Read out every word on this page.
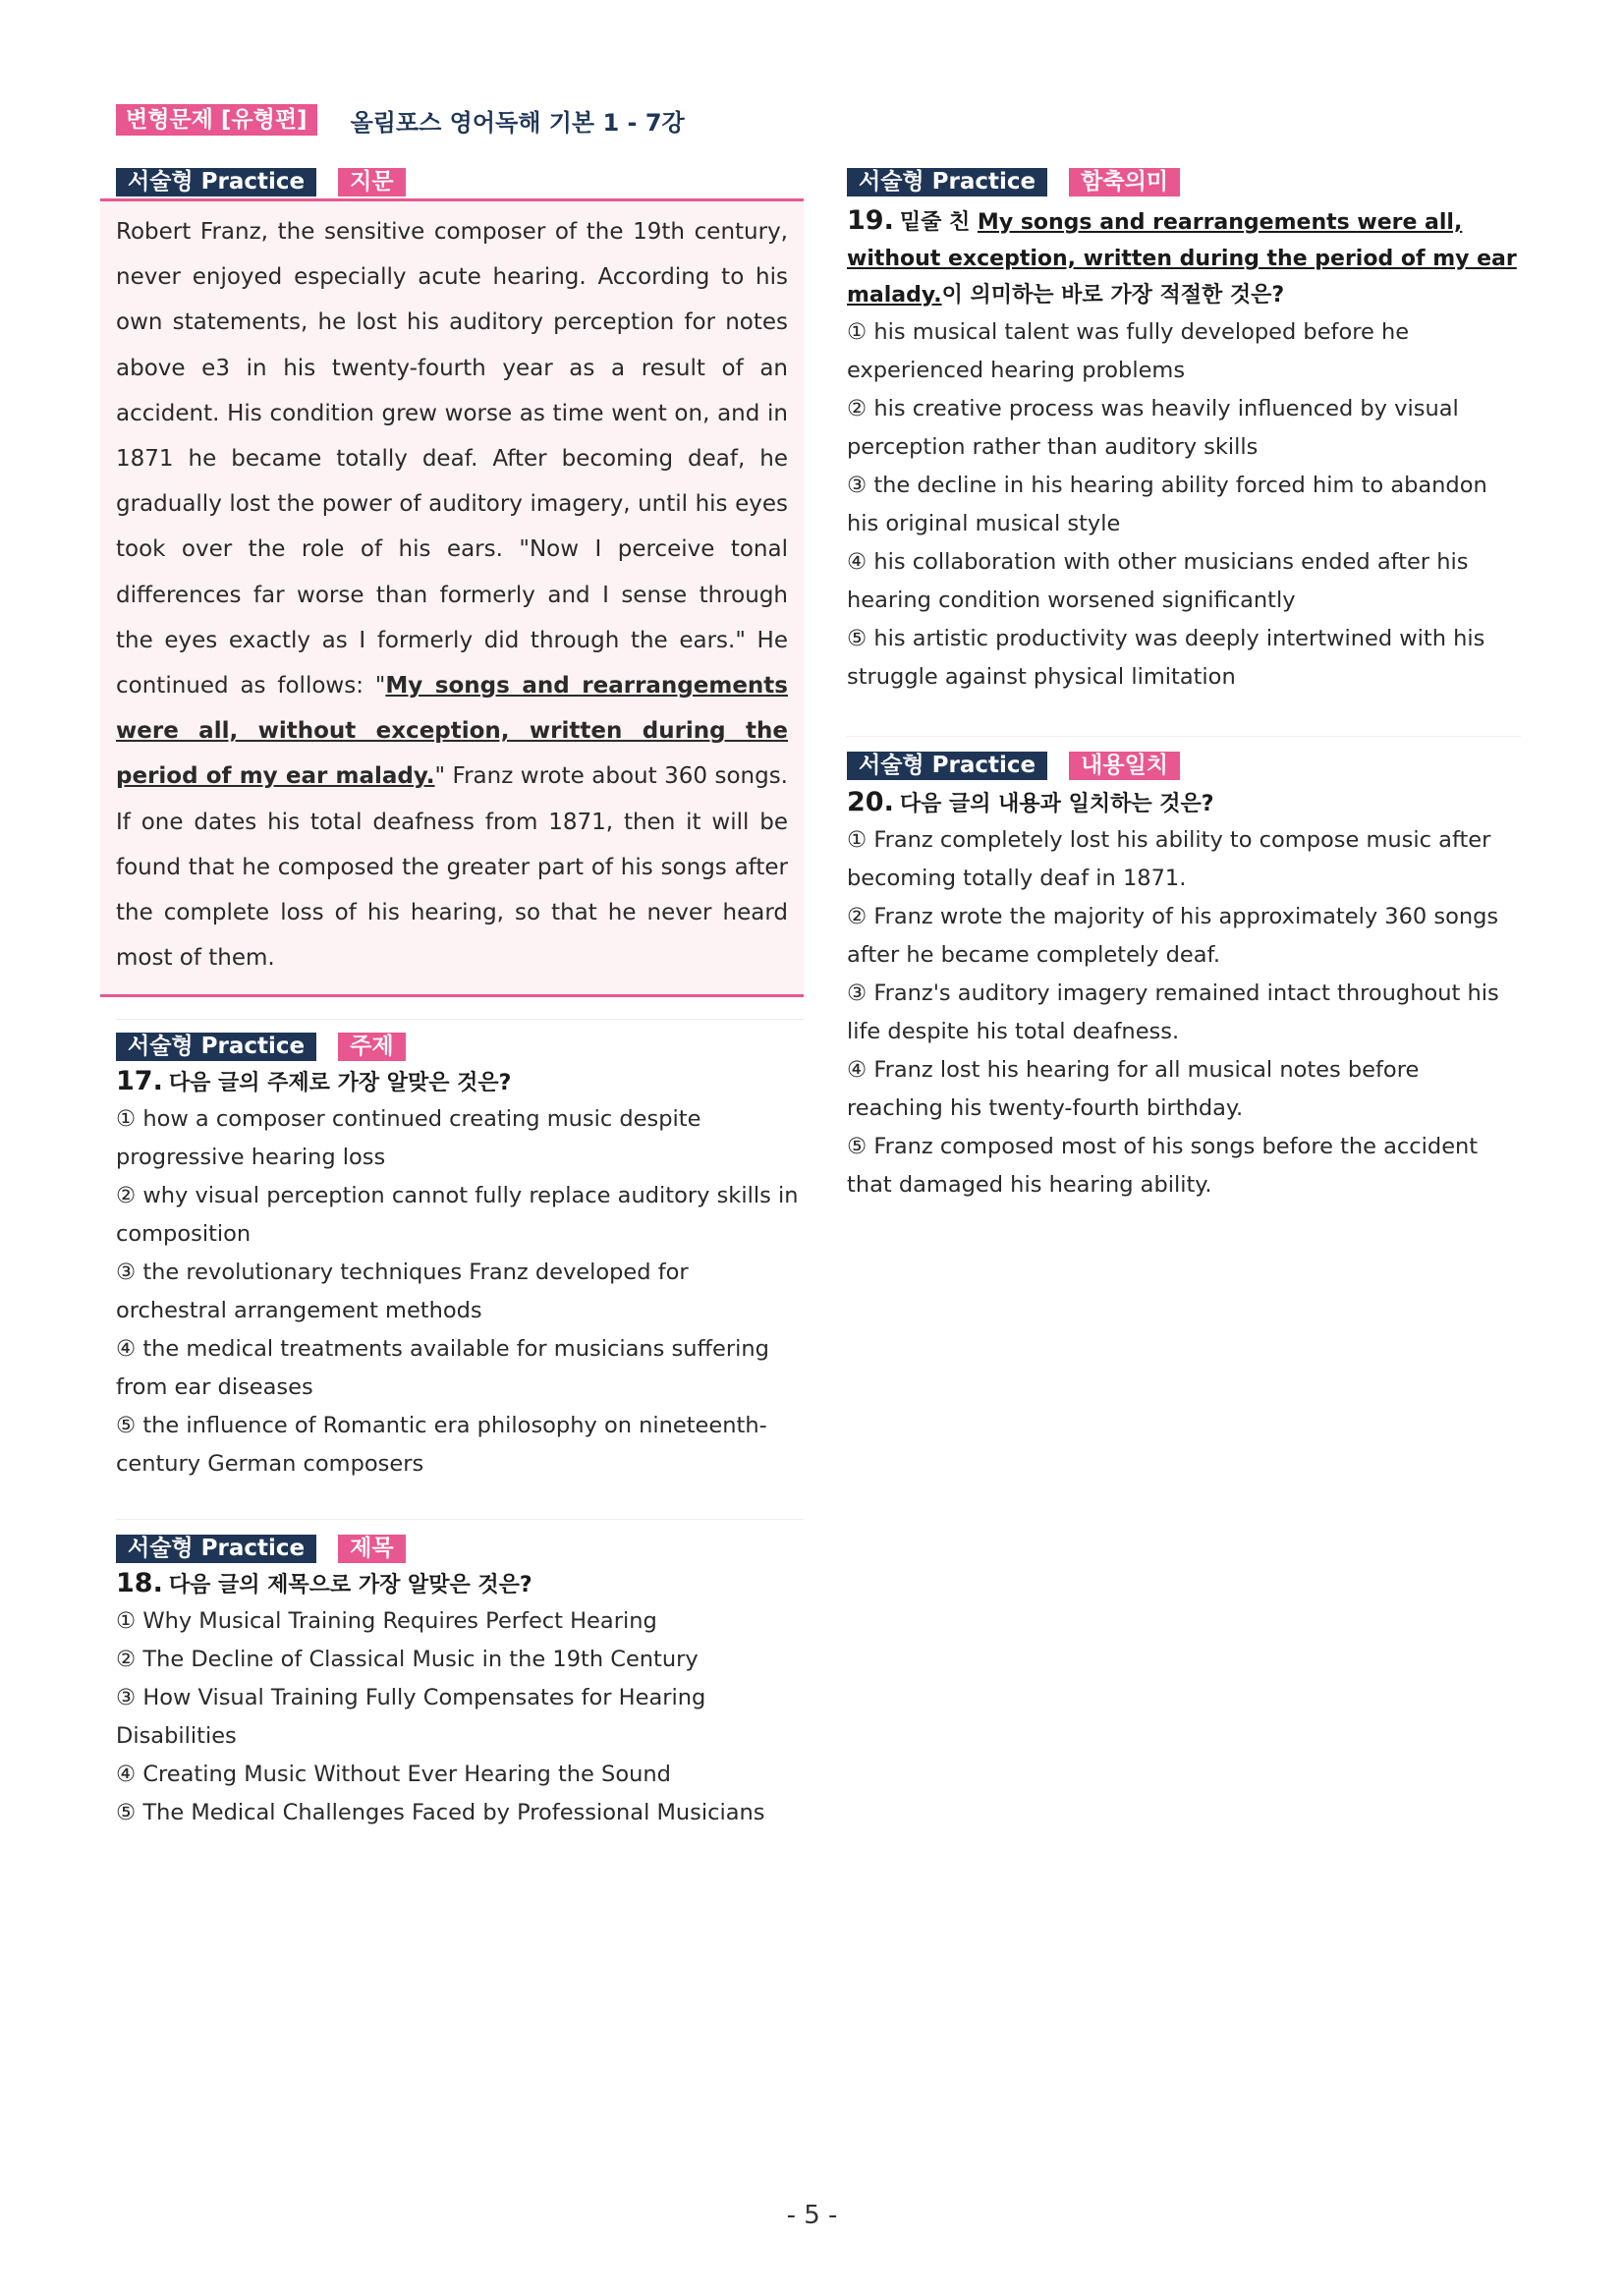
변형문제 [유형편]	올림포스 영어독해 기본 1 - 7강
서술형 Practice	지문
Robert Franz, the sensitive composer of the 19th century, never enjoyed especially acute hearing. According to his own statements, he lost his auditory perception for notes above e3 in his twenty-fourth year as a result of an accident. His condition grew worse as time went on, and in 1871 he became totally deaf. After becoming deaf, he gradually lost the power of auditory imagery, until his eyes took over the role of his ears. "Now I perceive tonal differences far worse than formerly and I sense through the eyes exactly as I formerly did through the ears." He continued as follows: "My songs and rearrangements were all, without exception, written during the period of my ear malady." Franz wrote about 360 songs. If one dates his total deafness from 1871, then it will be found that he composed the greater part of his songs after the complete loss of his hearing, so that he never heard most of them.
서술형 Practice	주제
17. 다음 글의 주제로 가장 알맞은 것은?
① how a composer continued creating music despite progressive hearing loss
② why visual perception cannot fully replace auditory skills in composition
③ the revolutionary techniques Franz developed for orchestral arrangement methods
④ the medical treatments available for musicians suffering from ear diseases
⑤ the influence of Romantic era philosophy on nineteenth-century German composers
서술형 Practice	제목
18. 다음 글의 제목으로 가장 알맞은 것은?
① Why Musical Training Requires Perfect Hearing
② The Decline of Classical Music in the 19th Century
③ How Visual Training Fully Compensates for Hearing Disabilities
④ Creating Music Without Ever Hearing the Sound
⑤ The Medical Challenges Faced by Professional Musicians
서술형 Practice	함축의미
19. 밑줄 친 My songs and rearrangements were all, without exception, written during the period of my ear malady.이 의미하는 바로 가장 적절한 것은?
① his musical talent was fully developed before he experienced hearing problems
② his creative process was heavily influenced by visual perception rather than auditory skills
③ the decline in his hearing ability forced him to abandon his original musical style
④ his collaboration with other musicians ended after his hearing condition worsened significantly
⑤ his artistic productivity was deeply intertwined with his struggle against physical limitation
서술형 Practice	내용일치
20. 다음 글의 내용과 일치하는 것은?
① Franz completely lost his ability to compose music after becoming totally deaf in 1871.
② Franz wrote the majority of his approximately 360 songs after he became completely deaf.
③ Franz's auditory imagery remained intact throughout his life despite his total deafness.
④ Franz lost his hearing for all musical notes before reaching his twenty-fourth birthday.
⑤ Franz composed most of his songs before the accident that damaged his hearing ability.
- 5 -
